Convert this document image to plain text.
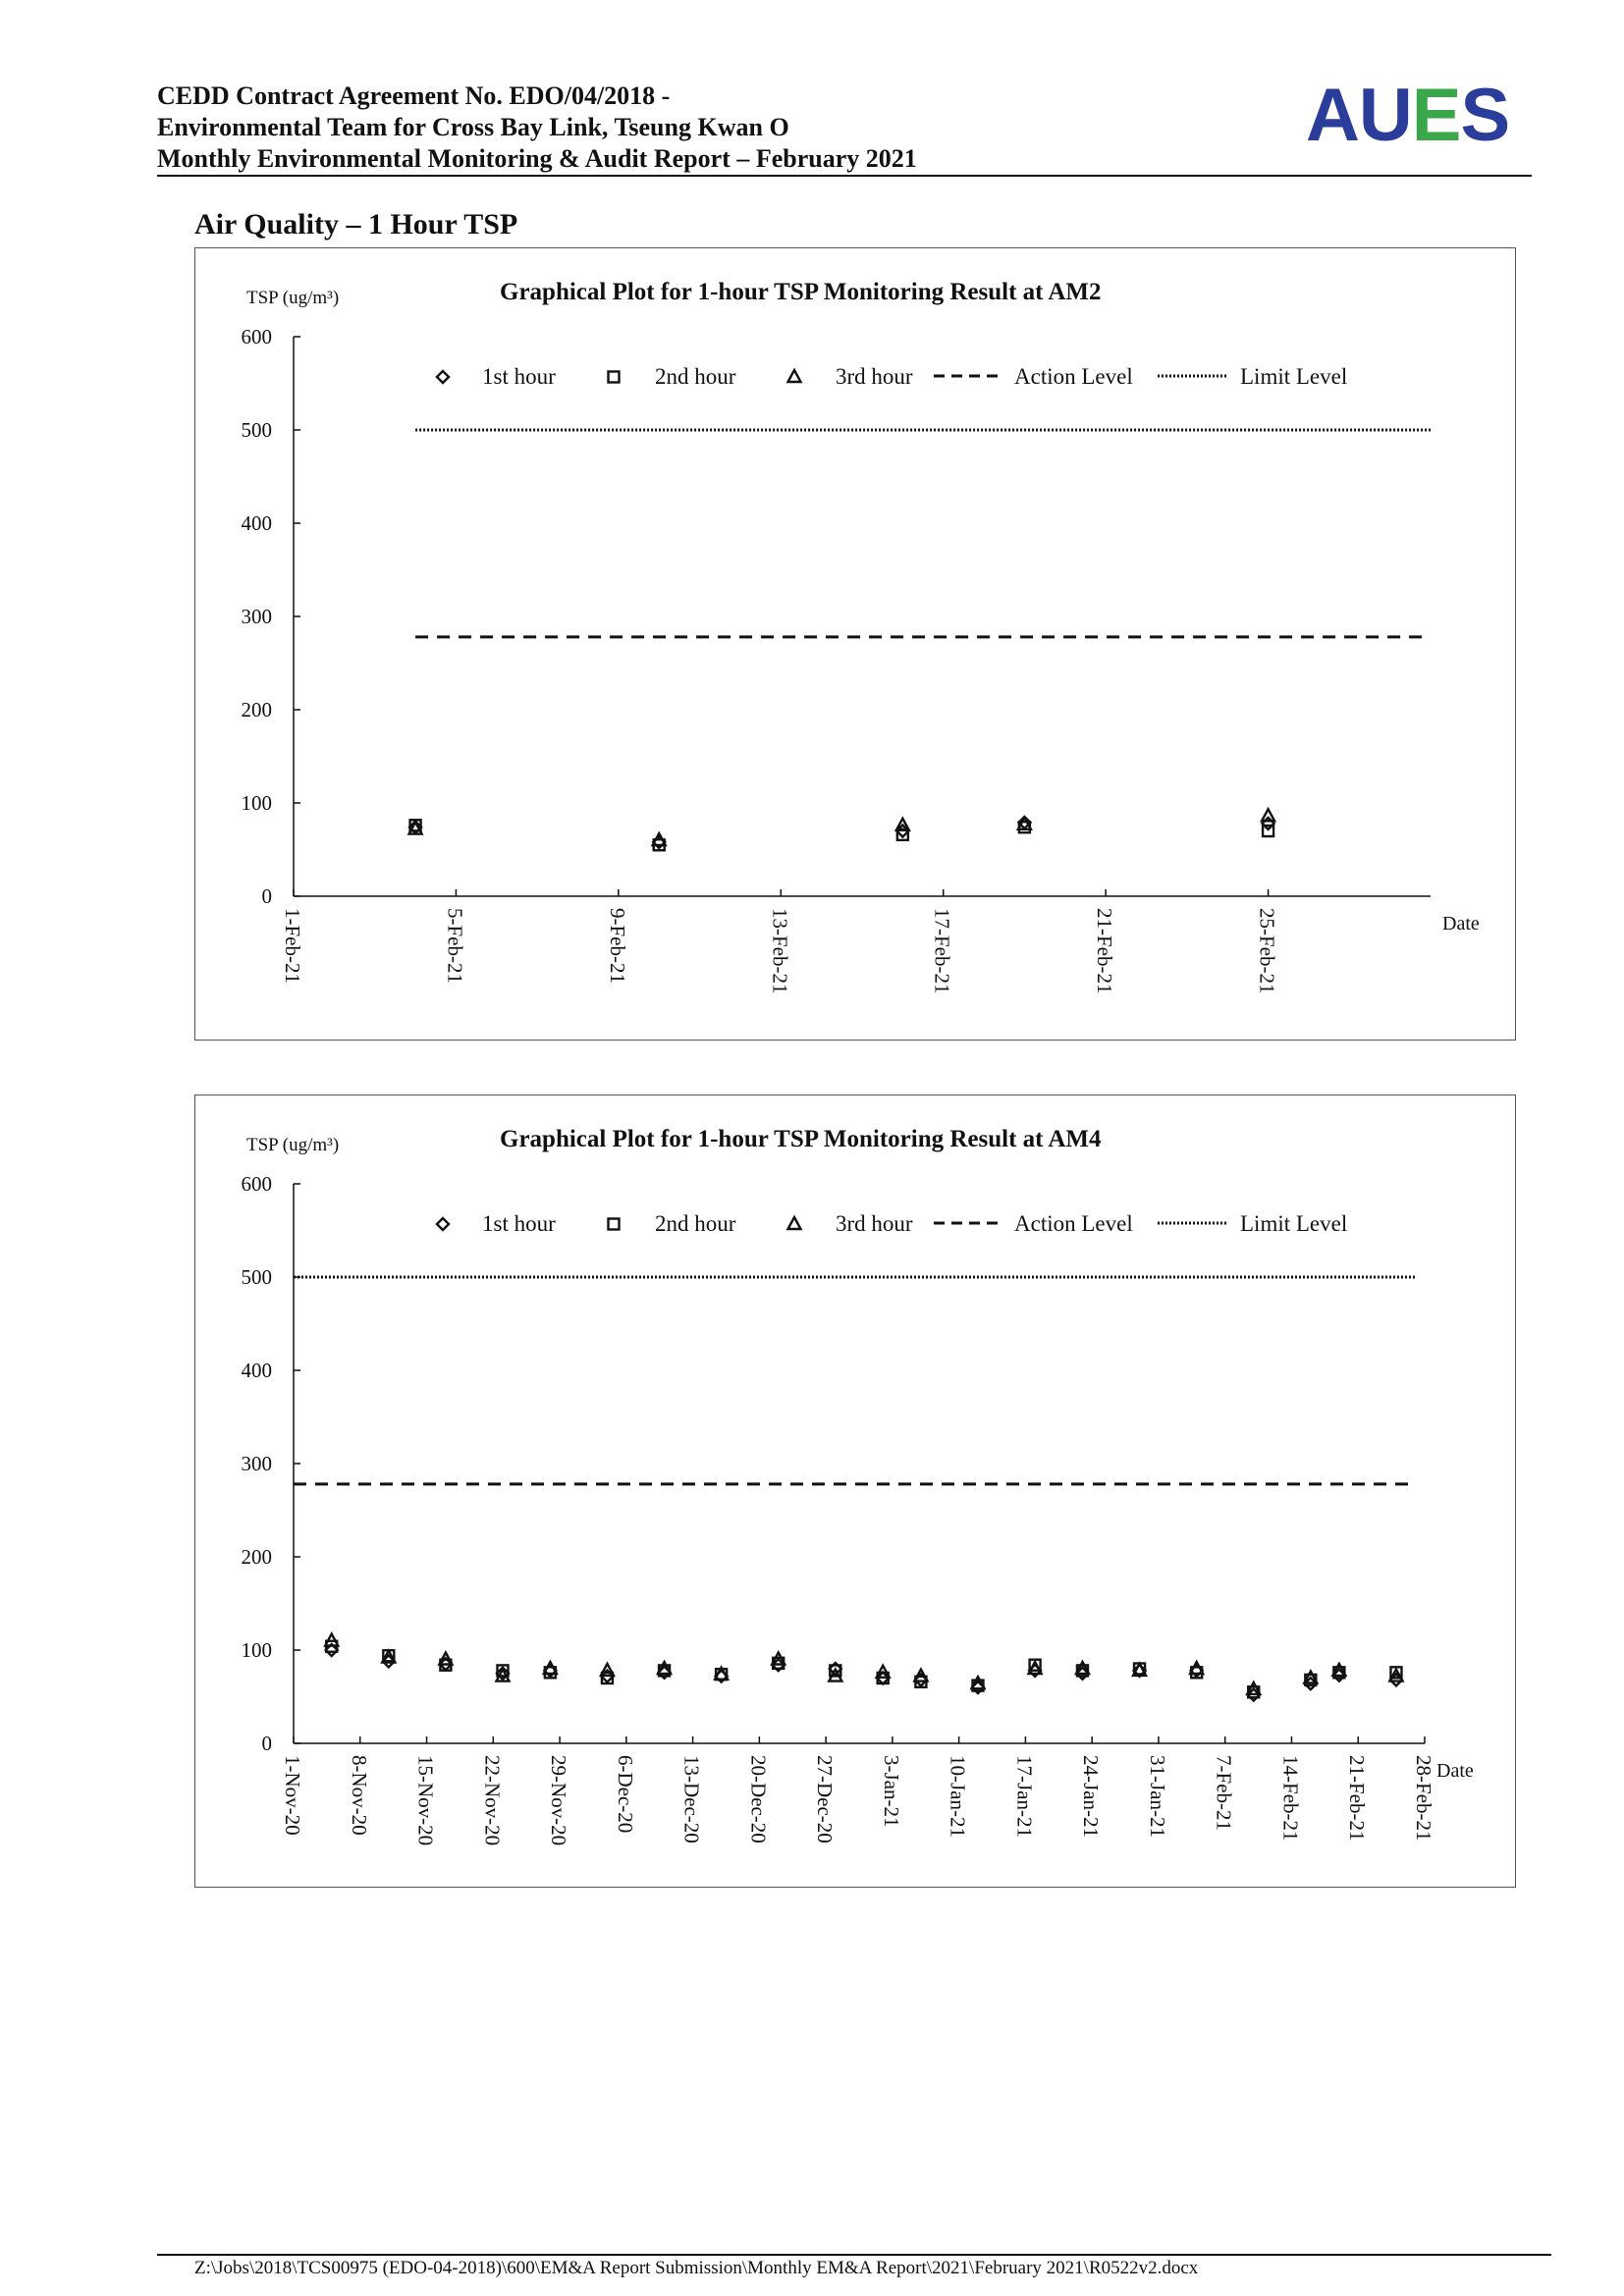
CEDD Contract Agreement No. EDO/04/2018 -
Environmental Team for Cross Bay Link, Tseung Kwan O
Monthly Environmental Monitoring & Audit Report – February 2021
AUES
Air Quality – 1 Hour TSP
Graphical Plot for 1-hour TSP Monitoring Result at AM2
TSP (ug/m³)
0
100
200
300
400
500
600
1-Feb-21	5-Feb-21	9-Feb-21	13-Feb-21	17-Feb-21	21-Feb-21	25-Feb-21	Date
1st hour	2nd hour	3rd hour	Action Level	Limit Level
Graphical Plot for 1-hour TSP Monitoring Result at AM4
TSP (ug/m³)
0
100
200
300
400
500
600
1-Nov-20 8-Nov-20 15-Nov-20 22-Nov-20 29-Nov-20 6-Dec-20 13-Dec-20 20-Dec-20 27-Dec-20 3-Jan-21 10-Jan-21 17-Jan-21 24-Jan-21 31-Jan-21 7-Feb-21 14-Feb-21 21-Feb-21 28-Feb-21 Date
1st hour	2nd hour	3rd hour	Action Level	Limit Level
Z:\Jobs\2018\TCS00975 (EDO-04-2018)\600\EM&A Report Submission\Monthly EM&A Report\2021\February 2021\R0522v2.docx
